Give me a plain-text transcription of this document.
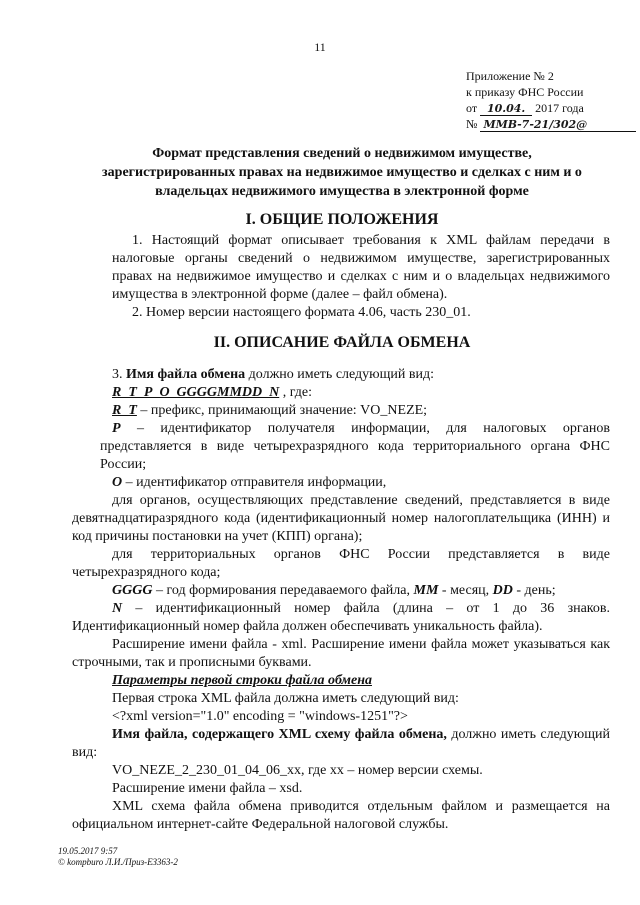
11
Приложение № 2
к приказу ФНС России
от 10.04. 2017 года
№ ММВ-7-21/302@
Формат представления сведений о недвижимом имуществе, зарегистрированных правах на недвижимое имущество и сделках с ним и о владельцах недвижимого имущества в электронной форме
I. ОБЩИЕ ПОЛОЖЕНИЯ
1. Настоящий формат описывает требования к XML файлам передачи в налоговые органы сведений о недвижимом имуществе, зарегистрированных правах на недвижимое имущество и сделках с ним и о владельцах недвижимого имущества в электронной форме (далее – файл обмена).
2. Номер версии настоящего формата 4.06, часть 230_01.
II. ОПИСАНИЕ ФАЙЛА ОБМЕНА
3. Имя файла обмена должно иметь следующий вид:
R_T_P_O_GGGGMMDD_N , где:
R_T – префикс, принимающий значение: VO_NEZE;
P – идентификатор получателя информации, для налоговых органов представляется в виде четырехразрядного кода территориального органа ФНС России;
O – идентификатор отправителя информации,
для органов, осуществляющих представление сведений, представляется в виде девятнадцатиразрядного кода (идентификационный номер налогоплательщика (ИНН) и код причины постановки на учет (КПП) органа);
для территориальных органов ФНС России представляется в виде четырехразрядного кода;
GGGG – год формирования передаваемого файла, ММ - месяц, DD - день;
N – идентификационный номер файла (длина – от 1 до 36 знаков. Идентификационный номер файла должен обеспечивать уникальность файла).
Расширение имени файла - xml. Расширение имени файла может указываться как строчными, так и прописными буквами.
Параметры первой строки файла обмена
Первая строка XML файла должна иметь следующий вид:
<?xml version="1.0" encoding = "windows-1251"?>
Имя файла, содержащего XML схему файла обмена, должно иметь следующий вид:
VO_NEZE_2_230_01_04_06_xx, где xx – номер версии схемы.
Расширение имени файла – xsd.
XML схема файла обмена приводится отдельным файлом и размещается на официальном интернет-сайте Федеральной налоговой службы.
19.05.2017 9:57
© kompburo Л.И./Приз-ЕЗ363-2
